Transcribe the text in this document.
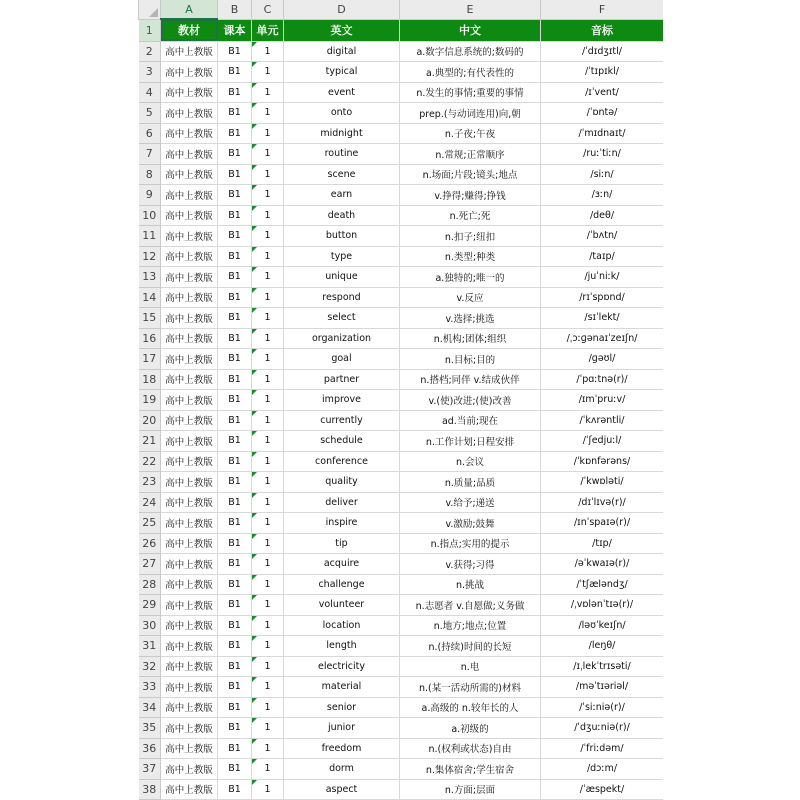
	A	B	C	D	E	F
1	教材	课本	单元	英文	中文	音标
2	高中上教版	B1	1	digital	a.数字信息系统的;数码的	/ˈdɪdʒɪtl/
3	高中上教版	B1	1	typical	a.典型的;有代表性的	/ˈtɪpɪkl/
4	高中上教版	B1	1	event	n.发生的事情;重要的事情	/ɪˈvent/
5	高中上教版	B1	1	onto	prep.(与动词连用)向,朝	/ˈɒntə/
6	高中上教版	B1	1	midnight	n.子夜;午夜	/ˈmɪdnaɪt/
7	高中上教版	B1	1	routine	n.常规;正常顺序	/ruːˈtiːn/
8	高中上教版	B1	1	scene	n.场面;片段;镜头;地点	/siːn/
9	高中上教版	B1	1	earn	v.挣得;赚得;挣钱	/ɜːn/
10	高中上教版	B1	1	death	n.死亡;死	/deθ/
11	高中上教版	B1	1	button	n.扣子;纽扣	/ˈbʌtn/
12	高中上教版	B1	1	type	n.类型;种类	/taɪp/
13	高中上教版	B1	1	unique	a.独特的;唯一的	/juˈniːk/
14	高中上教版	B1	1	respond	v.反应	/rɪˈspɒnd/
15	高中上教版	B1	1	select	v.选择;挑选	/sɪˈlekt/
16	高中上教版	B1	1	organization	n.机构;团体;组织	/ˌɔːɡənaɪˈzeɪʃn/
17	高中上教版	B1	1	goal	n.目标;目的	/ɡəʊl/
18	高中上教版	B1	1	partner	n.搭档;同伴 v.结成伙伴	/ˈpɑːtnə(r)/
19	高中上教版	B1	1	improve	v.(使)改进;(使)改善	/ɪmˈpruːv/
20	高中上教版	B1	1	currently	ad.当前;现在	/ˈkʌrəntli/
21	高中上教版	B1	1	schedule	n.工作计划;日程安排	/ˈʃedjuːl/
22	高中上教版	B1	1	conference	n.会议	/ˈkɒnfərəns/
23	高中上教版	B1	1	quality	n.质量;品质	/ˈkwɒləti/
24	高中上教版	B1	1	deliver	v.给予;递送	/dɪˈlɪvə(r)/
25	高中上教版	B1	1	inspire	v.激励;鼓舞	/ɪnˈspaɪə(r)/
26	高中上教版	B1	1	tip	n.指点;实用的提示	/tɪp/
27	高中上教版	B1	1	acquire	v.获得;习得	/əˈkwaɪə(r)/
28	高中上教版	B1	1	challenge	n.挑战	/ˈtʃæləndʒ/
29	高中上教版	B1	1	volunteer	n.志愿者 v.自愿做;义务做	/ˌvɒlənˈtɪə(r)/
30	高中上教版	B1	1	location	n.地方;地点;位置	/ləʊˈkeɪʃn/
31	高中上教版	B1	1	length	n.(持续)时间的长短	/leŋθ/
32	高中上教版	B1	1	electricity	n.电	/ɪˌlekˈtrɪsəti/
33	高中上教版	B1	1	material	n.(某一活动所需的)材料	/məˈtɪəriəl/
34	高中上教版	B1	1	senior	a.高级的 n.较年长的人	/ˈsiːniə(r)/
35	高中上教版	B1	1	junior	a.初级的	/ˈdʒuːniə(r)/
36	高中上教版	B1	1	freedom	n.(权利或状态)自由	/ˈfriːdəm/
37	高中上教版	B1	1	dorm	n.集体宿舍;学生宿舍	/dɔːm/
38	高中上教版	B1	1	aspect	n.方面;层面	/ˈæspekt/
